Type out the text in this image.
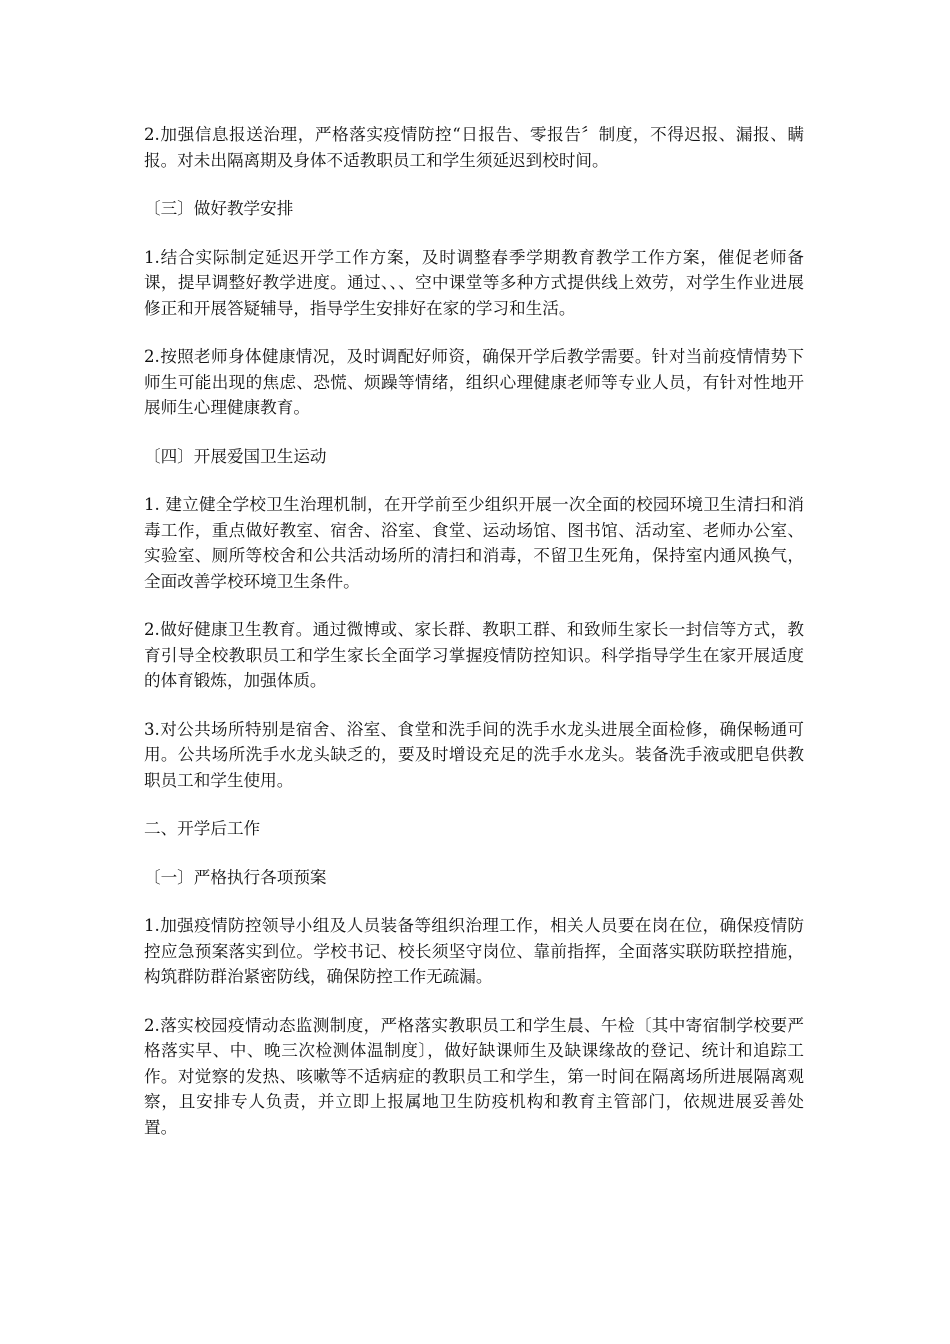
2.加强信息报送治理，严格落实疫情防控“日报告、零报告〞制度，不得迟报、漏报、瞒报。对未出隔离期及身体不适教职员工和学生须延迟到校时间。

〔三〕做好教学安排

1.结合实际制定延迟开学工作方案，及时调整春季学期教育教学工作方案，催促老师备课，提早调整好教学进度。通过、、、空中课堂等多种方式提供线上效劳，对学生作业进展修正和开展答疑辅导，指导学生安排好在家的学习和生活。

2.按照老师身体健康情况，及时调配好师资，确保开学后教学需要。针对当前疫情情势下师生可能出现的焦虑、恐慌、烦躁等情绪，组织心理健康老师等专业人员，有针对性地开展师生心理健康教育。

〔四〕开展爱国卫生运动

1. 建立健全学校卫生治理机制，在开学前至少组织开展一次全面的校园环境卫生清扫和消毒工作，重点做好教室、宿舍、浴室、食堂、运动场馆、图书馆、活动室、老师办公室、实验室、厕所等校舍和公共活动场所的清扫和消毒，不留卫生死角，保持室内通风换气，全面改善学校环境卫生条件。

2.做好健康卫生教育。通过微博或、家长群、教职工群、和致师生家长一封信等方式，教育引导全校教职员工和学生家长全面学习掌握疫情防控知识。科学指导学生在家开展适度的体育锻炼，加强体质。

3.对公共场所特别是宿舍、浴室、食堂和洗手间的洗手水龙头进展全面检修，确保畅通可用。公共场所洗手水龙头缺乏的，要及时增设充足的洗手水龙头。装备洗手液或肥皂供教职员工和学生使用。

二、开学后工作

〔一〕严格执行各项预案

1.加强疫情防控领导小组及人员装备等组织治理工作，相关人员要在岗在位，确保疫情防控应急预案落实到位。学校书记、校长须坚守岗位、靠前指挥，全面落实联防联控措施，构筑群防群治紧密防线，确保防控工作无疏漏。

2.落实校园疫情动态监测制度，严格落实教职员工和学生晨、午检〔其中寄宿制学校要严格落实早、中、晚三次检测体温制度〕，做好缺课师生及缺课缘故的登记、统计和追踪工作。对觉察的发热、咳嗽等不适病症的教职员工和学生，第一时间在隔离场所进展隔离观察，且安排专人负责，并立即上报属地卫生防疫机构和教育主管部门，依规进展妥善处置。
